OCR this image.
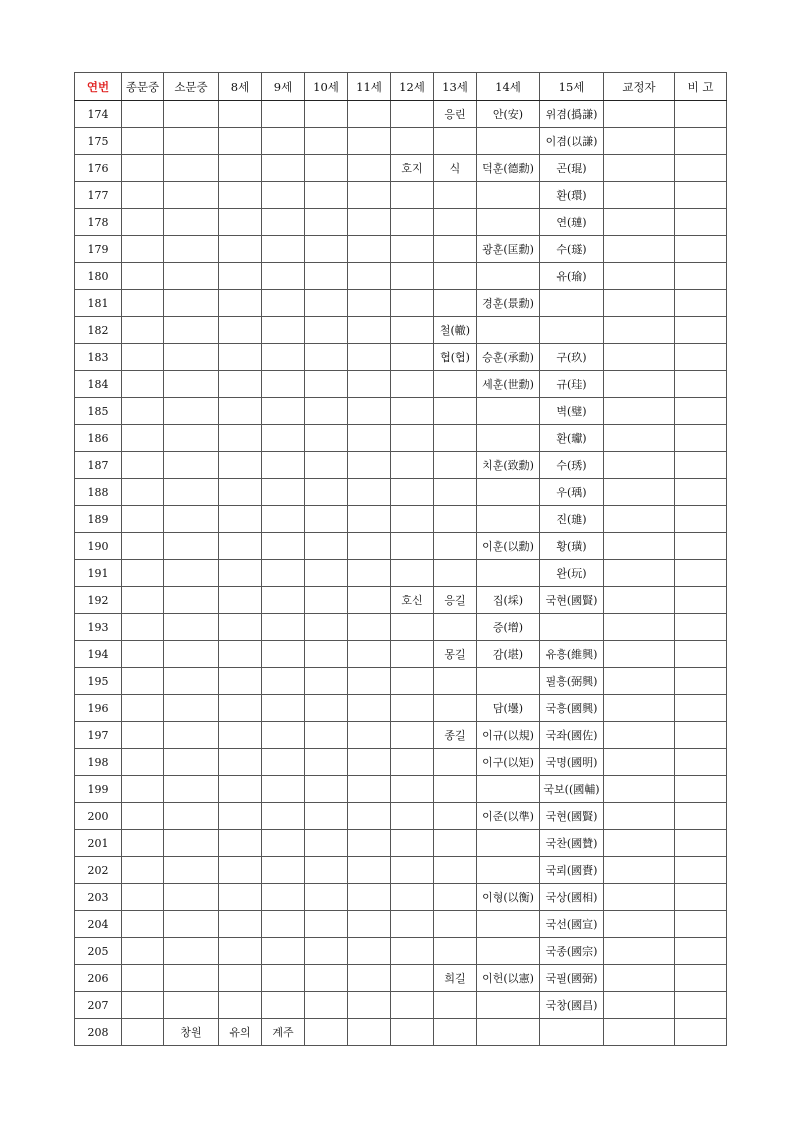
연번	종문중	소문중	8세	9세	10세	11세	12세	13세	14세	15세	교정자	비 고
174								응린	안(安)	위겸(撝謙)		
175										이겸(以謙)		
176							호지	식	덕훈(德勳)	곤(琨)		
177										환(環)		
178										연(璉)		
179									광훈(匡勳)	수(璲)		
180										유(瑜)		
181									경훈(景勳)			
182								철(轍)				
183								협(협)	승훈(承勳)	구(玖)		
184									세훈(世勳)	규(珪)		
185										벽(璧)		
186										환(瓛)		
187									치훈(致勳)	수(琇)		
188										우(瑀)		
189										진(璡)		
190									이훈(以勳)	황(璜)		
191										완(玩)		
192							호신	응길	집(埰)	국현(國賢)		
193									증(增)			
194								몽길	감(堪)	유흥(維興)		
195										필흥(弼興)		
196									담(壜)	국흥(國興)		
197								종길	이규(以規)	국좌(國佐)		
198									이구(以矩)	국명(國明)		
199										국보((國輔)		
200									이준(以準)	국현(國賢)		
201										국찬(國贊)		
202										국뢰(國賚)		
203									이형(以衡)	국상(國相)		
204										국선(國宣)		
205										국종(國宗)		
206								희길	이헌(以憲)	국필(國弼)		
207										국창(國昌)		
208		창원	유의	계주								
